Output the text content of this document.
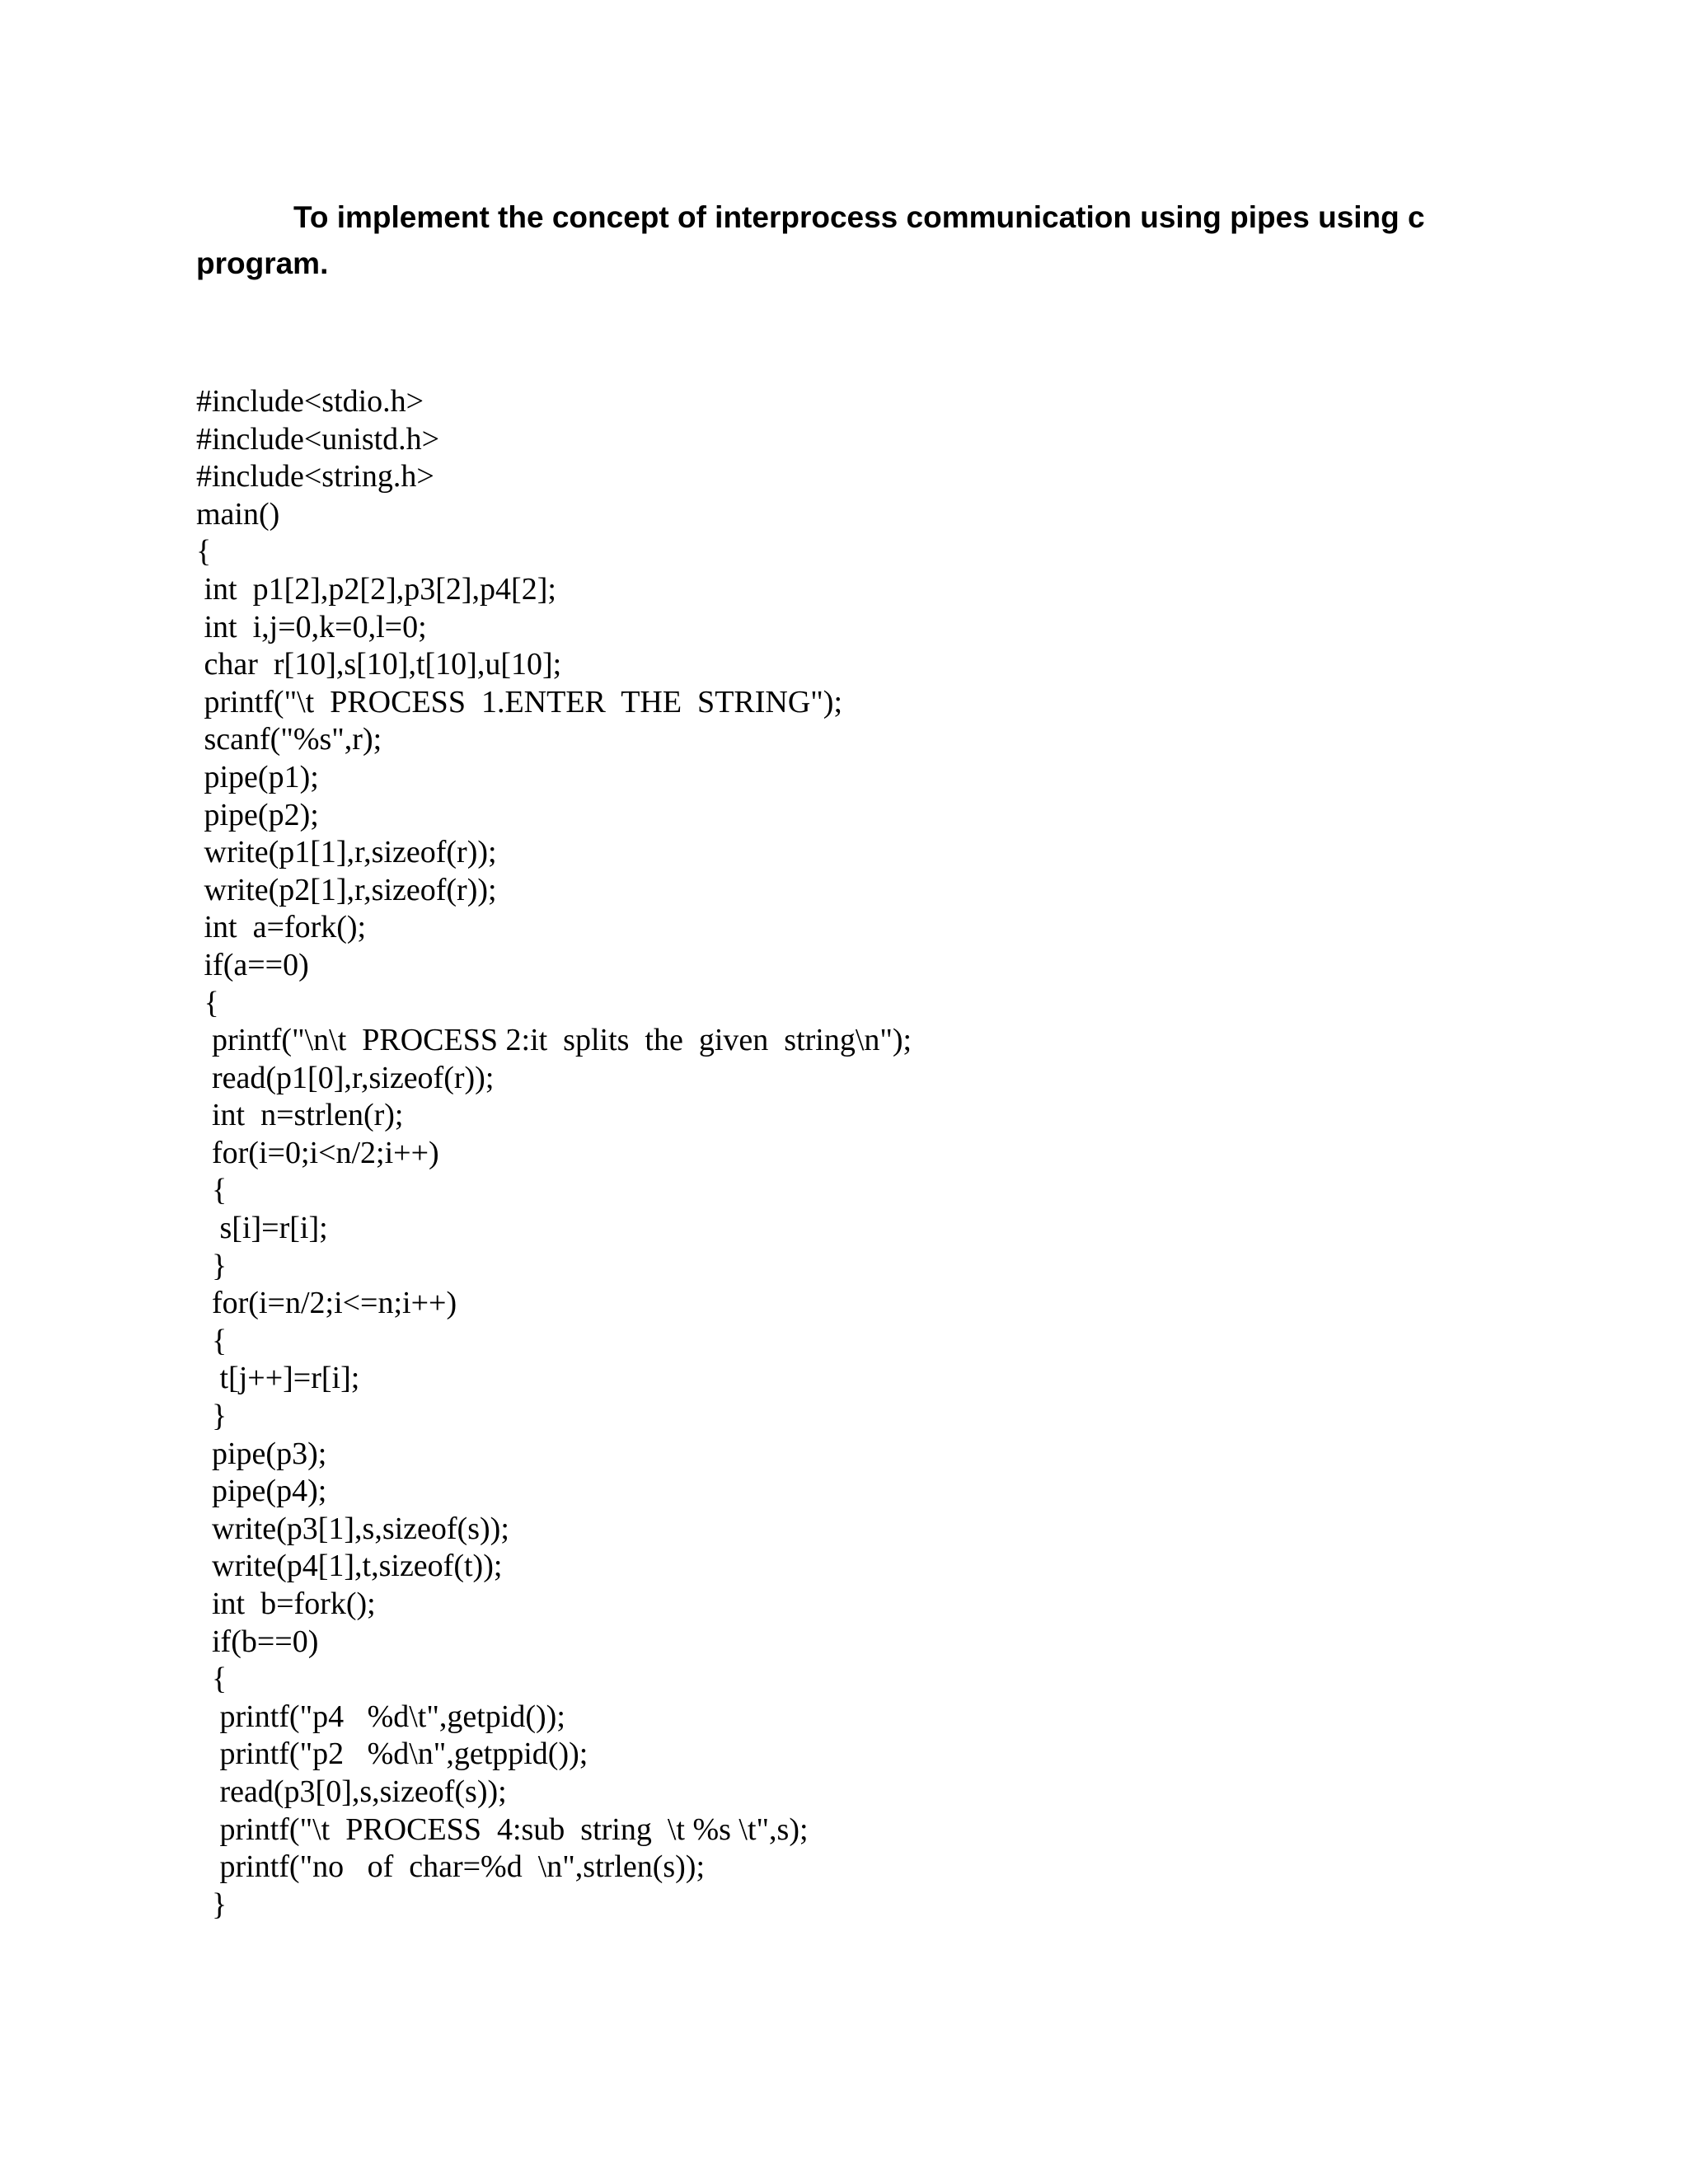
To implement the concept of interprocess communication using pipes using c
program.
#include<stdio.h>
#include<unistd.h>
#include<string.h>
main()
{
int  p1[2],p2[2],p3[2],p4[2];
int  i,j=0,k=0,l=0;
char  r[10],s[10],t[10],u[10];
printf("\t  PROCESS  1.ENTER  THE  STRING");
scanf("%s",r);
pipe(p1);
pipe(p2);
write(p1[1],r,sizeof(r));
write(p2[1],r,sizeof(r));
int  a=fork();
if(a==0)
{
printf("\n\t  PROCESS 2:it  splits  the  given  string\n");
read(p1[0],r,sizeof(r));
int  n=strlen(r);
for(i=0;i<n/2;i++)
{
s[i]=r[i];
}
for(i=n/2;i<=n;i++)
{
t[j++]=r[i];
}
pipe(p3);
pipe(p4);
write(p3[1],s,sizeof(s));
write(p4[1],t,sizeof(t));
int  b=fork();
if(b==0)
{
printf("p4   %d\t",getpid());
printf("p2   %d\n",getppid());
read(p3[0],s,sizeof(s));
printf("\t  PROCESS  4:sub  string  \t %s \t",s);
printf("no   of  char=%d  \n",strlen(s));
}
